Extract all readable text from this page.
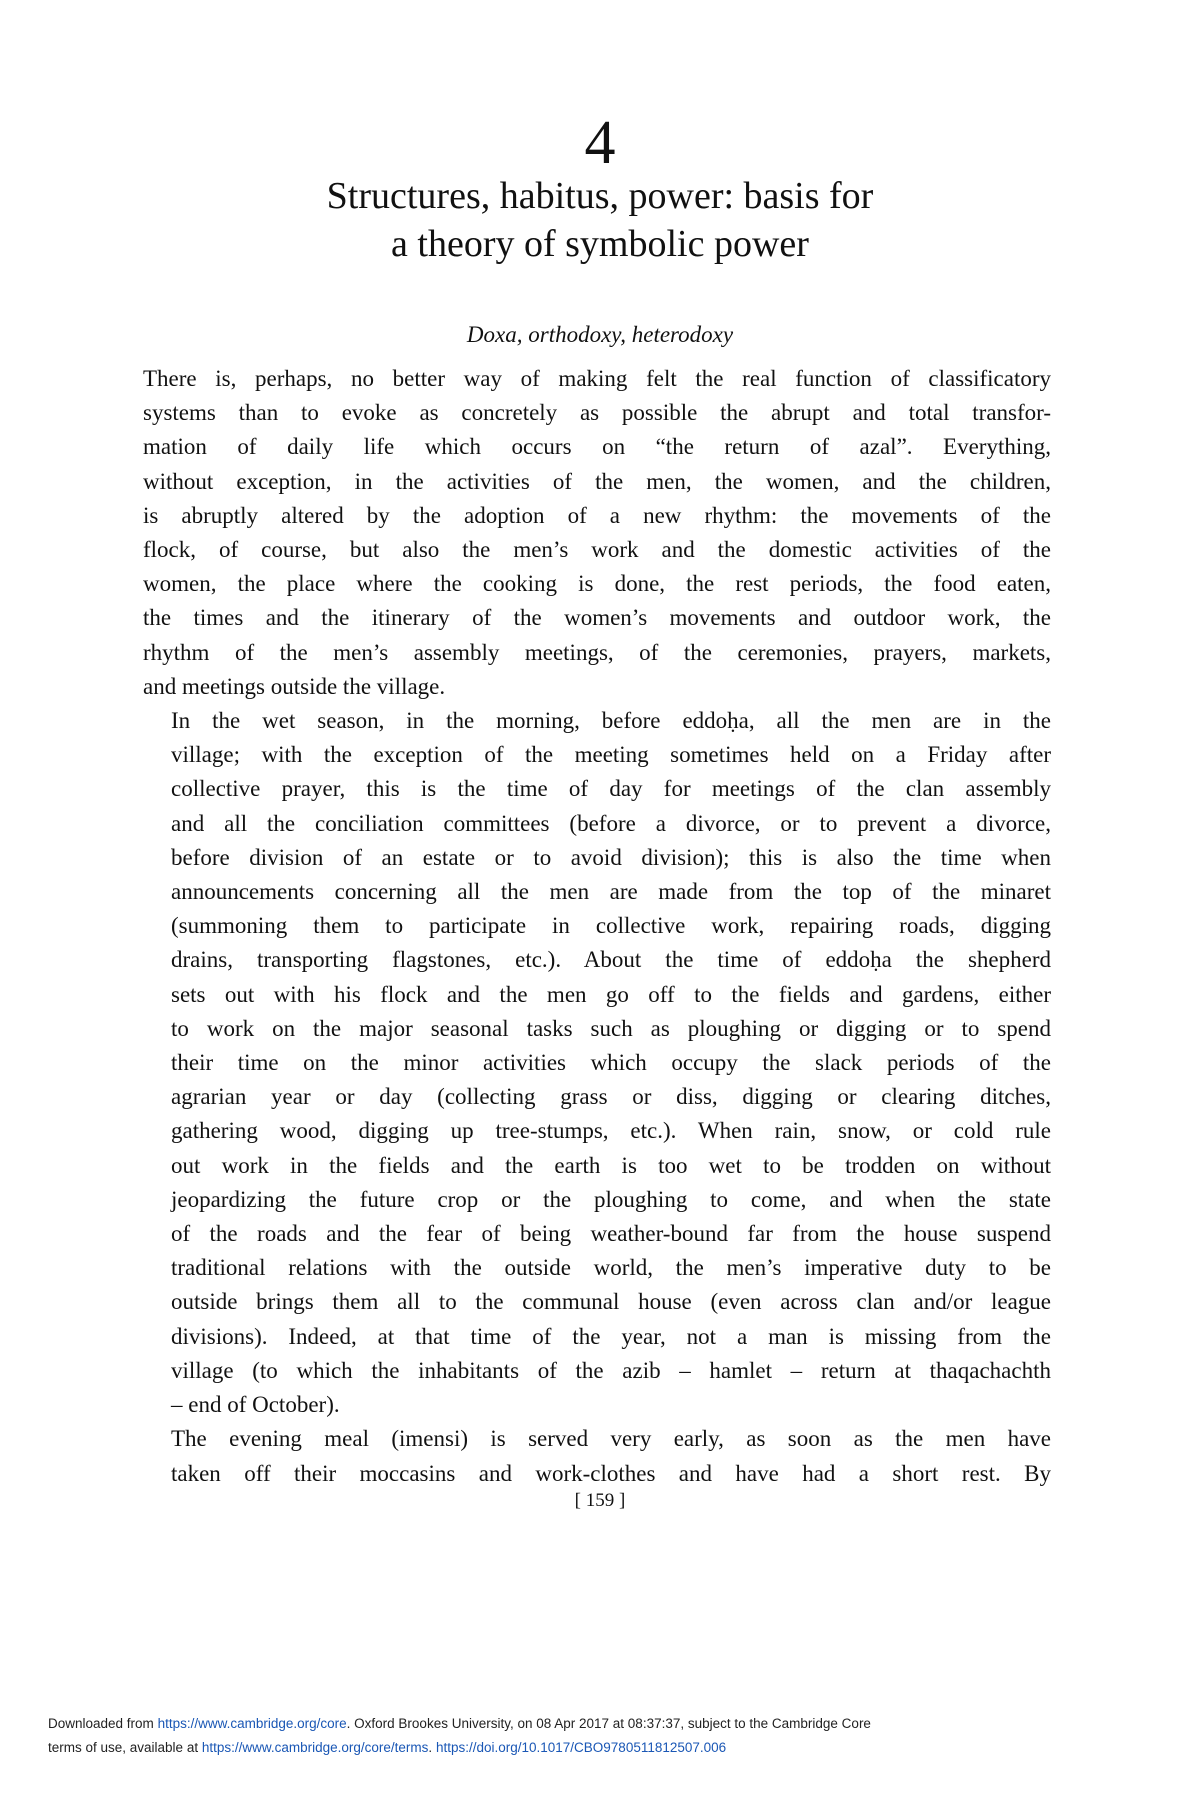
4
Structures, habitus, power: basis for
a theory of symbolic power
Doxa, orthodoxy, heterodoxy

There is, perhaps, no better way of making felt the real function of classificatory
systems than to evoke as concretely as possible the abrupt and total transfor-
mation of daily life which occurs on “the return of azal”. Everything,
without exception, in the activities of the men, the women, and the children,
is abruptly altered by the adoption of a new rhythm: the movements of the
flock, of course, but also the men’s work and the domestic activities of the
women, the place where the cooking is done, the rest periods, the food eaten,
the times and the itinerary of the women’s movements and outdoor work, the
rhythm of the men’s assembly meetings, of the ceremonies, prayers, markets,
and meetings outside the village.

In the wet season, in the morning, before eddoḥa, all the men are in the
village; with the exception of the meeting sometimes held on a Friday after
collective prayer, this is the time of day for meetings of the clan assembly
and all the conciliation committees (before a divorce, or to prevent a divorce,
before division of an estate or to avoid division); this is also the time when
announcements concerning all the men are made from the top of the minaret
(summoning them to participate in collective work, repairing roads, digging
drains, transporting flagstones, etc.). About the time of eddoḥa the shepherd
sets out with his flock and the men go off to the fields and gardens, either
to work on the major seasonal tasks such as ploughing or digging or to spend
their time on the minor activities which occupy the slack periods of the
agrarian year or day (collecting grass or diss, digging or clearing ditches,
gathering wood, digging up tree-stumps, etc.). When rain, snow, or cold rule
out work in the fields and the earth is too wet to be trodden on without
jeopardizing the future crop or the ploughing to come, and when the state
of the roads and the fear of being weather-bound far from the house suspend
traditional relations with the outside world, the men’s imperative duty to be
outside brings them all to the communal house (even across clan and/or league
divisions). Indeed, at that time of the year, not a man is missing from the
village (to which the inhabitants of the azib – hamlet – return at thaqachachth
– end of October).

The evening meal (imensi) is served very early, as soon as the men have
taken off their moccasins and work-clothes and have had a short rest. By

[ 159 ]
Downloaded from https://www.cambridge.org/core. Oxford Brookes University, on 08 Apr 2017 at 08:37:37, subject to the Cambridge Core
terms of use, available at https://www.cambridge.org/core/terms. https://doi.org/10.1017/CBO9780511812507.006
